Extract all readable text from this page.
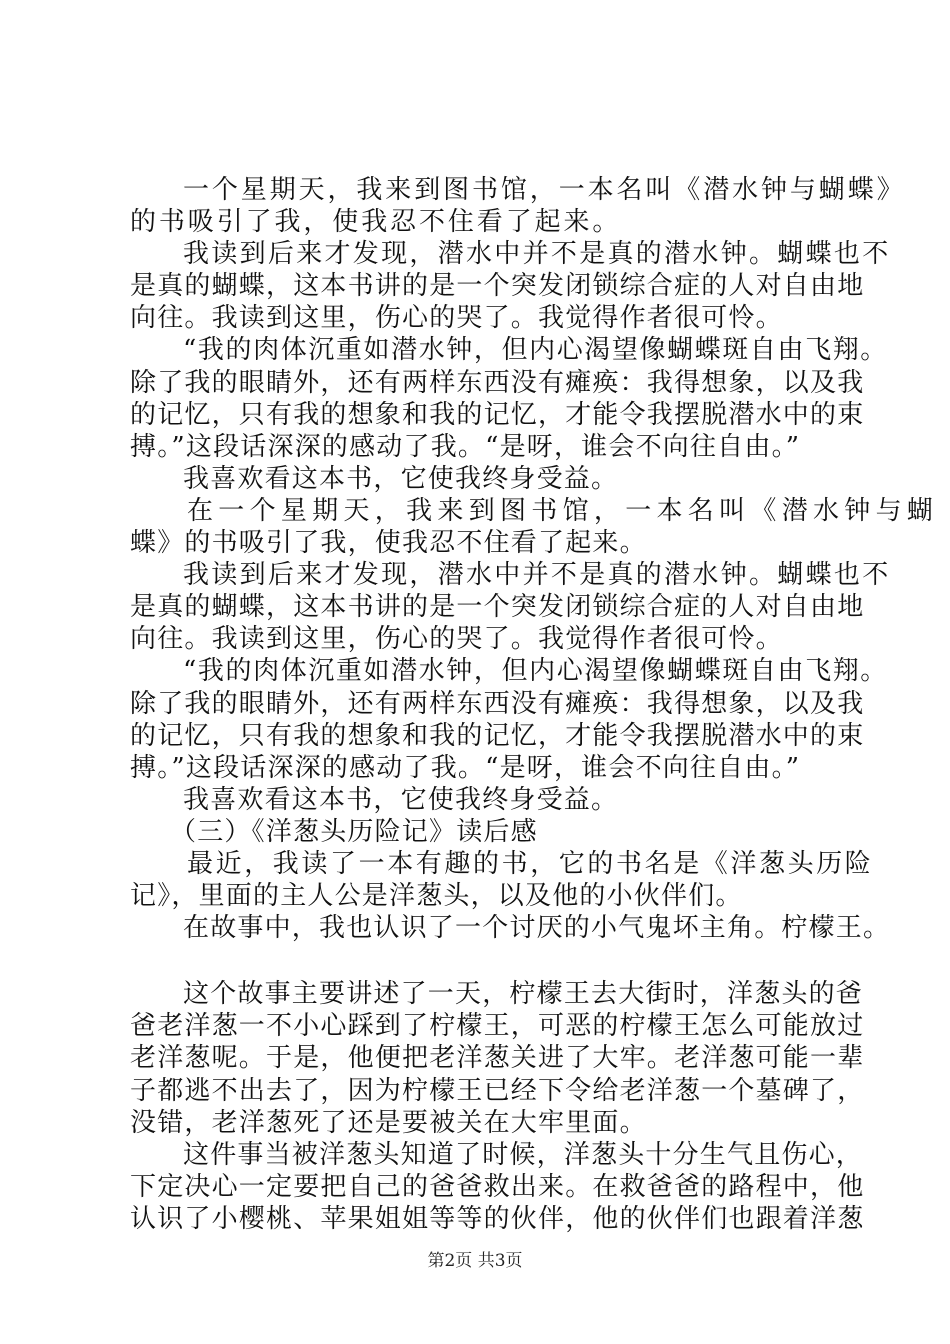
一个星期天，我来到图书馆，一本名叫《潜水钟与蝴蝶》

的书吸引了我，使我忍不住看了起来。

我读到后来才发现，潜水中并不是真的潜水钟。蝴蝶也不

是真的蝴蝶，这本书讲的是一个突发闭锁综合症的人对自由地

向往。我读到这里，伤心的哭了。我觉得作者很可怜。

“我的肉体沉重如潜水钟，但内心渴望像蝴蝶斑自由飞翔。

除了我的眼睛外，还有两样东西没有瘫痪：我得想象，以及我

的记忆，只有我的想象和我的记忆，才能令我摆脱潜水中的束

搏。”这段话深深的感动了我。“是呀，谁会不向往自由。”

我喜欢看这本书，它使我终身受益。

在一个星期天，我来到图书馆，一本名叫《潜水钟与蝴

蝶》的书吸引了我，使我忍不住看了起来。

我读到后来才发现，潜水中并不是真的潜水钟。蝴蝶也不

是真的蝴蝶，这本书讲的是一个突发闭锁综合症的人对自由地

向往。我读到这里，伤心的哭了。我觉得作者很可怜。

“我的肉体沉重如潜水钟，但内心渴望像蝴蝶斑自由飞翔。

除了我的眼睛外，还有两样东西没有瘫痪：我得想象，以及我

的记忆，只有我的想象和我的记忆，才能令我摆脱潜水中的束

搏。”这段话深深的感动了我。“是呀，谁会不向往自由。”

我喜欢看这本书，它使我终身受益。

（三）《洋葱头历险记》读后感

最近，我读了一本有趣的书，它的书名是《洋葱头历险

记》，里面的主人公是洋葱头，以及他的小伙伴们。

在故事中，我也认识了一个讨厌的小气鬼坏主角。柠檬王。

这个故事主要讲述了一天，柠檬王去大街时，洋葱头的爸

爸老洋葱一不小心踩到了柠檬王，可恶的柠檬王怎么可能放过

老洋葱呢。于是，他便把老洋葱关进了大牢。老洋葱可能一辈

子都逃不出去了，因为柠檬王已经下令给老洋葱一个墓碑了，

没错，老洋葱死了还是要被关在大牢里面。

这件事当被洋葱头知道了时候，洋葱头十分生气且伤心，

下定决心一定要把自己的爸爸救出来。在救爸爸的路程中，他

认识了小樱桃、苹果姐姐等等的伙伴，他的伙伴们也跟着洋葱

第2页 共3页
